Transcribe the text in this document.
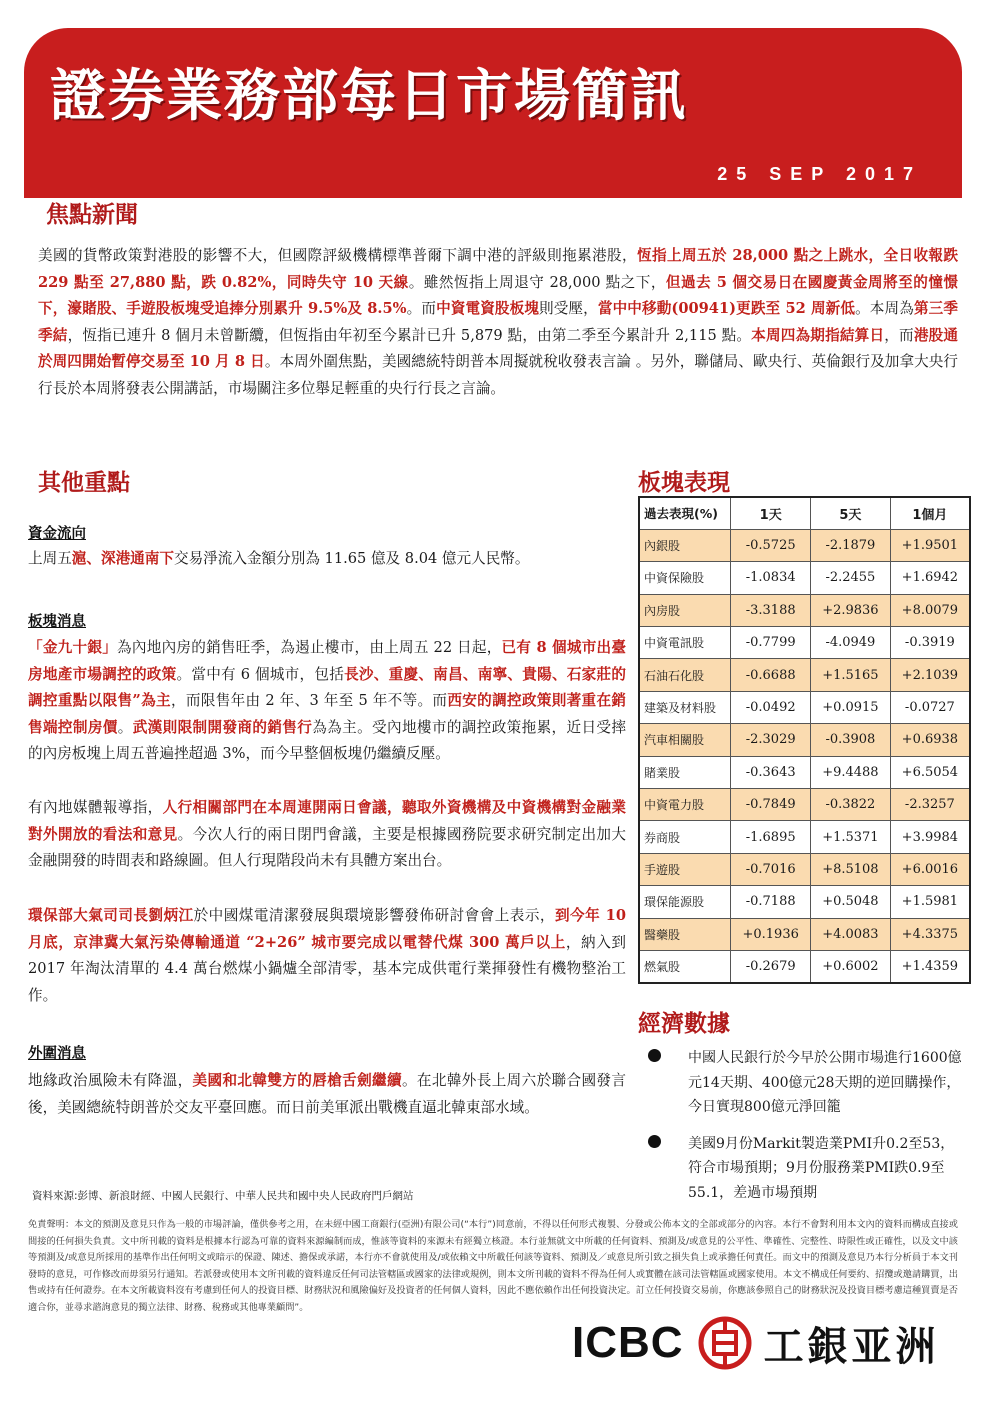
證券業務部每日市場簡訊
25 SEP 2017
焦點新聞
美國的貨幣政策對港股的影響不大，但國際評級機構標準普爾下調中港的評級則拖累港股，恆指上周五於 28,000 點之上跳水，全日收報跌 229 點至 27,880 點，跌 0.82%，同時失守 10 天線。雖然恆指上周退守 28,000 點之下，但過去 5 個交易日在國慶黃金周將至的憧憬下，濠賭股、手遊股板塊受追捧分別累升 9.5%及 8.5%。而中資電資股板塊則受壓，當中中移動(00941)更跌至 52 周新低。本周為第三季季結，恆指已連升 8 個月未曾斷纜，但恆指由年初至今累計已升 5,879 點，由第二季至今累計升 2,115 點。本周四為期指結算日，而港股通於周四開始暫停交易至 10 月 8 日。本周外圍焦點，美國總統特朗普本周擬就稅收發表言論 。另外，聯儲局、歐央行、英倫銀行及加拿大央行行長於本周將發表公開講話，市場關注多位舉足輕重的央行行長之言論。
其他重點
資金流向
上周五滬、深港通南下交易淨流入金額分別為 11.65 億及 8.04 億元人民幣。
板塊消息
「金九十銀」為內地內房的銷售旺季，為遏止樓市，由上周五 22 日起，已有 8 個城市出臺房地產市場調控的政策。當中有 6 個城市，包括長沙、重慶、南昌、南寧、貴陽、石家莊的調控重點以限售”為主，而限售年由 2 年、3 年至 5 年不等。而西安的調控政策則著重在銷售端控制房價。武漢則限制開發商的銷售行為為主。受內地樓市的調控政策拖累，近日受摔的內房板塊上周五普遍挫超過 3%，而今早整個板塊仍繼續反壓。
有內地媒體報導指，人行相關部門在本周連開兩日會議，聽取外資機構及中資機構對金融業對外開放的看法和意見。今次人行的兩日閉門會議，主要是根據國務院要求研究制定出加大金融開發的時間表和路線圖。但人行現階段尚未有具體方案出台。
環保部大氣司司長劉炳江於中國煤電清潔發展與環境影響發佈研討會會上表示，到今年 10 月底，京津冀大氣污染傳輸通道 “2+26” 城市要完成以電替代煤 300 萬戶以上，納入到 2017 年淘汰清單的 4.4 萬台燃煤小鍋爐全部清零，基本完成供電行業揮發性有機物整治工作。
外圍消息
地緣政治風險未有降溫，美國和北韓雙方的唇槍舌劍繼續。在北韓外長上周六於聯合國發言後，美國總統特朗普於交友平臺回應。而日前美軍派出戰機直逼北韓東部水域。
板塊表現
過去表現(%)	1天	5天	1個月
內銀股	-0.5725	-2.1879	+1.9501
中資保險股	-1.0834	-2.2455	+1.6942
內房股	-3.3188	+2.9836	+8.0079
中資電訊股	-0.7799	-4.0949	-0.3919
石油石化股	-0.6688	+1.5165	+2.1039
建築及材料股	-0.0492	+0.0915	-0.0727
汽車相關股	-2.3029	-0.3908	+0.6938
賭業股	-0.3643	+9.4488	+6.5054
中資電力股	-0.7849	-0.3822	-2.3257
券商股	-1.6895	+1.5371	+3.9984
手遊股	-0.7016	+8.5108	+6.0016
環保能源股	-0.7188	+0.5048	+1.5981
醫藥股	+0.1936	+4.0083	+4.3375
燃氣股	-0.2679	+0.6002	+1.4359
經濟數據
中國人民銀行於今早於公開市場進行1600億元14天期、400億元28天期的逆回購操作，今日實現800億元淨回籠
美國9月份Markit製造業PMI升0.2至53，符合市場預期；9月份服務業PMI跌0.9至55.1，差過市場預期
資料來源:彭博、新浪財經、中國人民銀行、中華人民共和國中央人民政府門戶網站
免責聲明：本文的預測及意見只作為一般的市場評論，僅供參考之用，在未經中國工商銀行(亞洲)有限公司(“本行”)同意前，不得以任何形式複製、分發或公佈本文的全部或部分的內容。本行不會對利用本文內的資料而構成直接或間接的任何損失負責。文中所刊載的資料是根據本行認為可靠的資料來源編制而成，惟該等資料的來源未有經獨立核證。本行並無就文中所載的任何資料、預測及/或意見的公平性、準確性、完整性、時限性或正確性，以及文中該等預測及/或意見所採用的基準作出任何明文或暗示的保證、陳述、擔保或承諾，本行亦不會就使用及/或依賴文中所載任何該等資料、預測及／或意見所引致之損失負上或承擔任何責任。而文中的預測及意見乃本行分析員于本文刊發時的意見，可作修改而毋須另行通知。若派發或使用本文所刊載的資料違反任何司法管轄區或國家的法律或規例，則本文所刊載的資料不得為任何人或實體在該司法管轄區或國家使用。本文不構成任何要約、招攬或邀請購買，出售或持有任何證券。在本文所載資料沒有考慮到任何人的投資目標、財務狀況和風險偏好及投資者的任何個人資料，因此不應依賴作出任何投資決定。訂立任何投資交易前，你應該參照自己的財務狀況及投資目標考慮這種買賣是否適合你，並尋求諮詢意見的獨立法律、財務、稅務或其他專業顧問”。
ICBC 工銀亚洲
